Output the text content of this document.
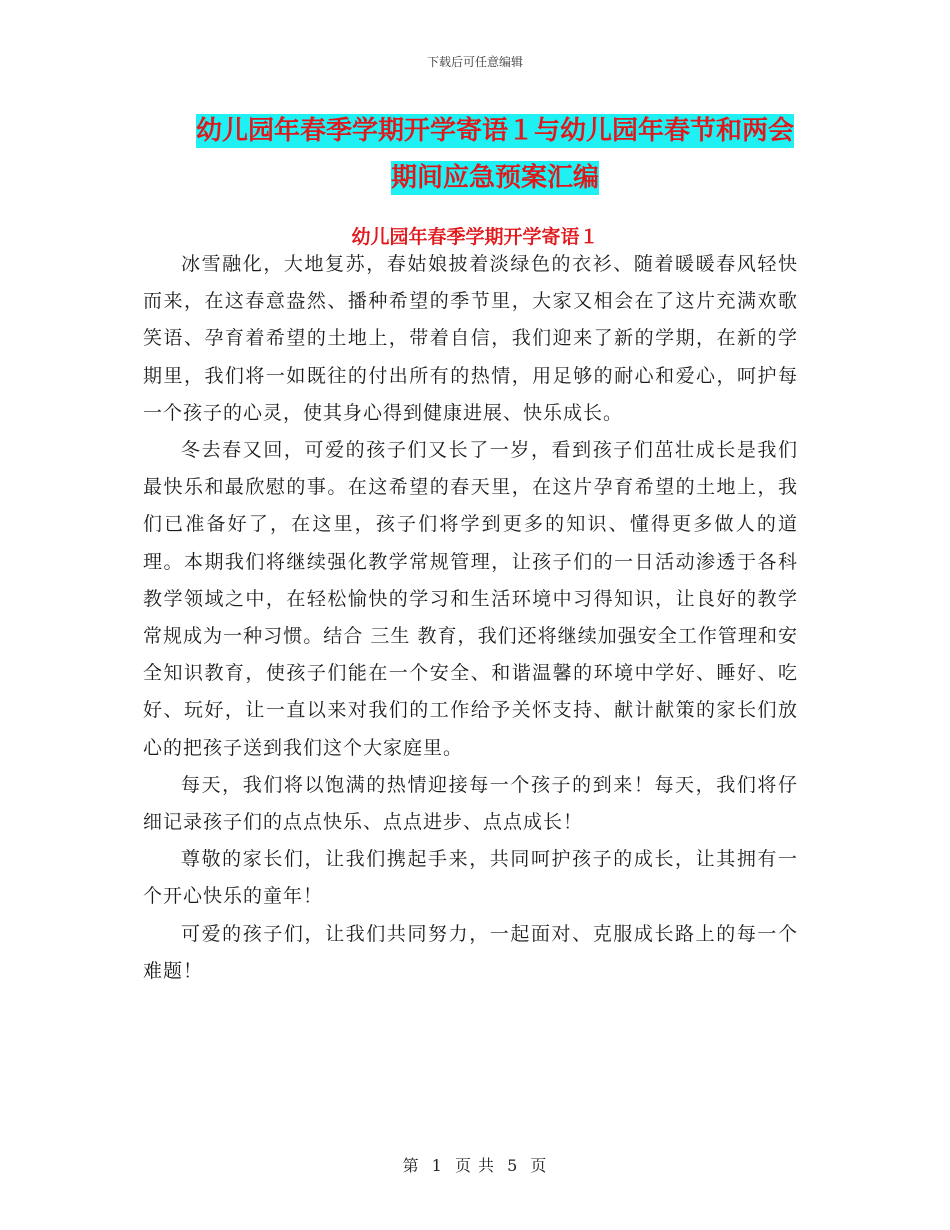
下载后可任意编辑
幼儿园年春季学期开学寄语１与幼儿园年春节和两会
期间应急预案汇编
幼儿园年春季学期开学寄语１

冰雪融化，大地复苏，春姑娘披着淡绿色的衣衫、随着暖暖春风轻快而来，在这春意盎然、播种希望的季节里，大家又相会在了这片充满欢歌笑语、孕育着希望的土地上，带着自信，我们迎来了新的学期，在新的学期里，我们将一如既往的付出所有的热情，用足够的耐心和爱心，呵护每一个孩子的心灵，使其身心得到健康进展、快乐成长。

冬去春又回，可爱的孩子们又长了一岁，看到孩子们茁壮成长是我们最快乐和最欣慰的事。在这希望的春天里，在这片孕育希望的土地上，我们已准备好了，在这里，孩子们将学到更多的知识、懂得更多做人的道理。本期我们将继续强化教学常规管理，让孩子们的一日活动渗透于各科教学领域之中，在轻松愉快的学习和生活环境中习得知识，让良好的教学常规成为一种习惯。结合 三生 教育，我们还将继续加强安全工作管理和安全知识教育，使孩子们能在一个安全、和谐温馨的环境中学好、睡好、吃好、玩好，让一直以来对我们的工作给予关怀支持、献计献策的家长们放心的把孩子送到我们这个大家庭里。

每天，我们将以饱满的热情迎接每一个孩子的到来！每天，我们将仔细记录孩子们的点点快乐、点点进步、点点成长！

尊敬的家长们，让我们携起手来，共同呵护孩子的成长，让其拥有一个开心快乐的童年！

可爱的孩子们，让我们共同努力，一起面对、克服成长路上的每一个难题！

第 1 页 共 5 页
